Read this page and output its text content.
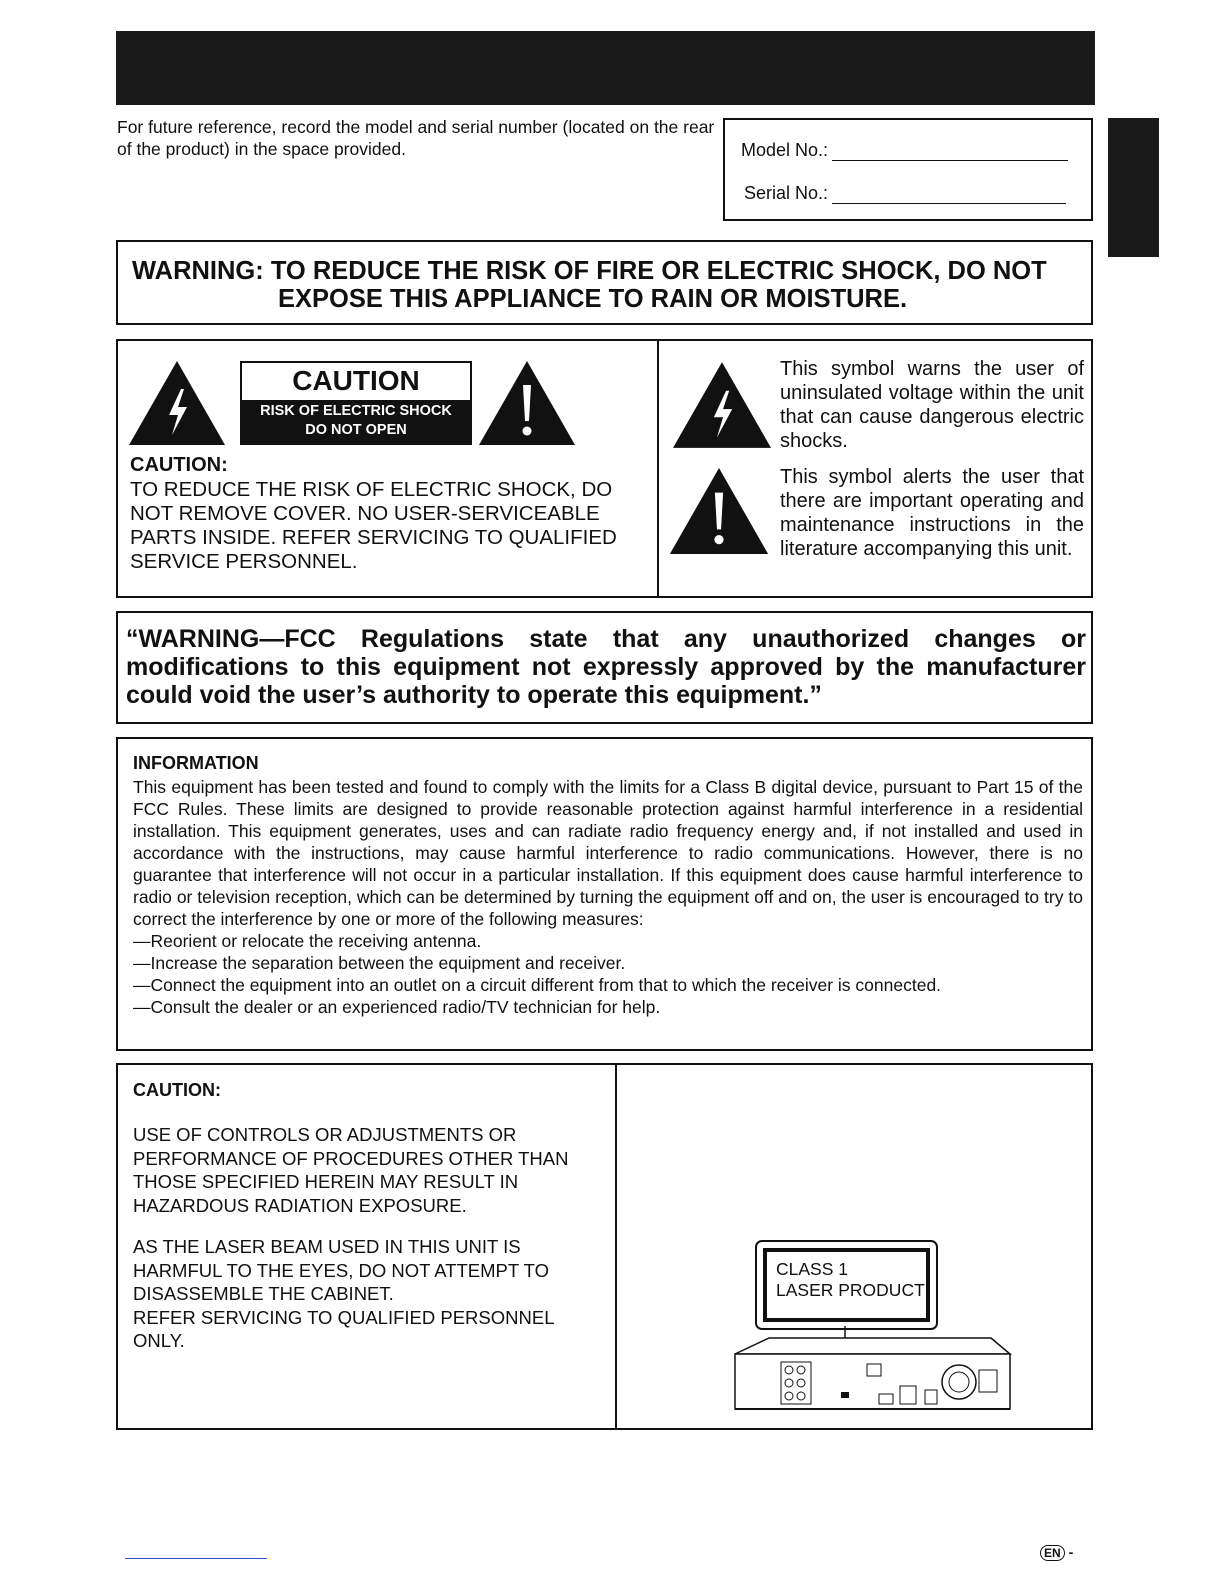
For future reference, record the model and serial number (located on the rear of the product) in the space provided.	Model No.:
Serial No.:
WARNING: TO REDUCE THE RISK OF FIRE OR ELECTRIC SHOCK, DO NOT
EXPOSE THIS APPLIANCE TO RAIN OR MOISTURE.
CAUTION
RISK OF ELECTRIC SHOCK
DO NOT OPEN
CAUTION:
TO REDUCE THE RISK OF ELECTRIC SHOCK, DO NOT REMOVE COVER. NO USER-SERVICEABLE PARTS INSIDE. REFER SERVICING TO QUALIFIED SERVICE PERSONNEL.
This symbol warns the user of uninsulated voltage within the unit that can cause dangerous electric shocks.
This symbol alerts the user that there are important operating and maintenance instructions in the literature accompanying this unit.

“WARNING—FCC Regulations state that any unauthorized changes or modifications to this equipment not expressly approved by the manufacturer could void the user’s authority to operate this equipment.”

INFORMATION
This equipment has been tested and found to comply with the limits for a Class B digital device, pursuant to Part 15 of the FCC Rules. These limits are designed to provide reasonable protection against harmful interference in a residential installation. This equipment generates, uses and can radiate radio frequency energy and, if not installed and used in accordance with the instructions, may cause harmful interference to radio communications. However, there is no guarantee that interference will not occur in a particular installation. If this equipment does cause harmful interference to radio or television reception, which can be determined by turning the equipment off and on, the user is encouraged to try to correct the interference by one or more of the following measures:
—Reorient or relocate the receiving antenna.
—Increase the separation between the equipment and receiver.
—Connect the equipment into an outlet on a circuit different from that to which the receiver is connected.
—Consult the dealer or an experienced radio/TV technician for help.
CAUTION:
USE OF CONTROLS OR ADJUSTMENTS OR PERFORMANCE OF PROCEDURES OTHER THAN THOSE SPECIFIED HEREIN MAY RESULT IN HAZARDOUS RADIATION EXPOSURE.
AS THE LASER BEAM USED IN THIS UNIT IS HARMFUL TO THE EYES, DO NOT ATTEMPT TO DISASSEMBLE THE CABINET.
REFER SERVICING TO QUALIFIED PERSONNEL ONLY.
CLASS 1
LASER PRODUCT
EN -
